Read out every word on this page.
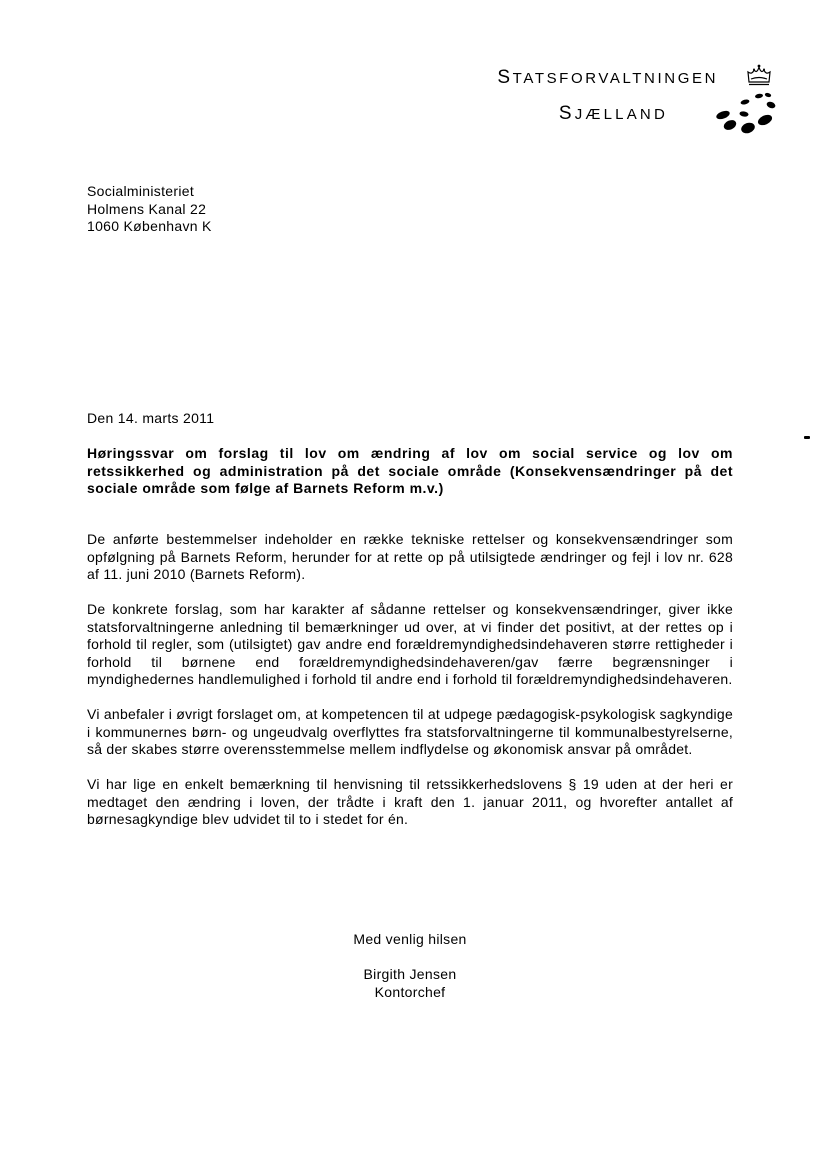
STATSFORVALTNINGEN
SJÆLLAND
Socialministeriet
Holmens Kanal 22
1060 København K
Den 14. marts 2011
Høringssvar om forslag til lov om ændring af lov om social service og lov om retssikkerhed og administration på det sociale område (Konsekvensændringer på det sociale område som følge af Barnets Reform m.v.)

De anførte bestemmelser indeholder en række tekniske rettelser og konsekvensændringer som opfølgning på Barnets Reform, herunder for at rette op på utilsigtede ændringer og fejl i lov nr. 628 af 11. juni 2010 (Barnets Reform).

De konkrete forslag, som har karakter af sådanne rettelser og konsekvensændringer, giver ikke statsforvaltningerne anledning til bemærkninger ud over, at vi finder det positivt, at der rettes op i forhold til regler, som (utilsigtet) gav andre end forældremyndighedsindehaveren større rettigheder i forhold til børnene end forældremyndighedsindehaveren/gav færre begrænsninger i myndighedernes handlemulighed i forhold til andre end i forhold til forældremyndighedsindehaveren.

Vi anbefaler i øvrigt forslaget om, at kompetencen til at udpege pædagogisk-psykologisk sagkyndige i kommunernes børn- og ungeudvalg overflyttes fra statsforvaltningerne til kommunalbestyrelserne, så der skabes større overensstemmelse mellem indflydelse og økonomisk ansvar på området.

Vi har lige en enkelt bemærkning til henvisning til retssikkerhedslovens § 19 uden at der heri er medtaget den ændring i loven, der trådte i kraft den 1. januar 2011, og hvorefter antallet af børnesagkyndige blev udvidet til to i stedet for én.

Med venlig hilsen
Birgith Jensen
Kontorchef
